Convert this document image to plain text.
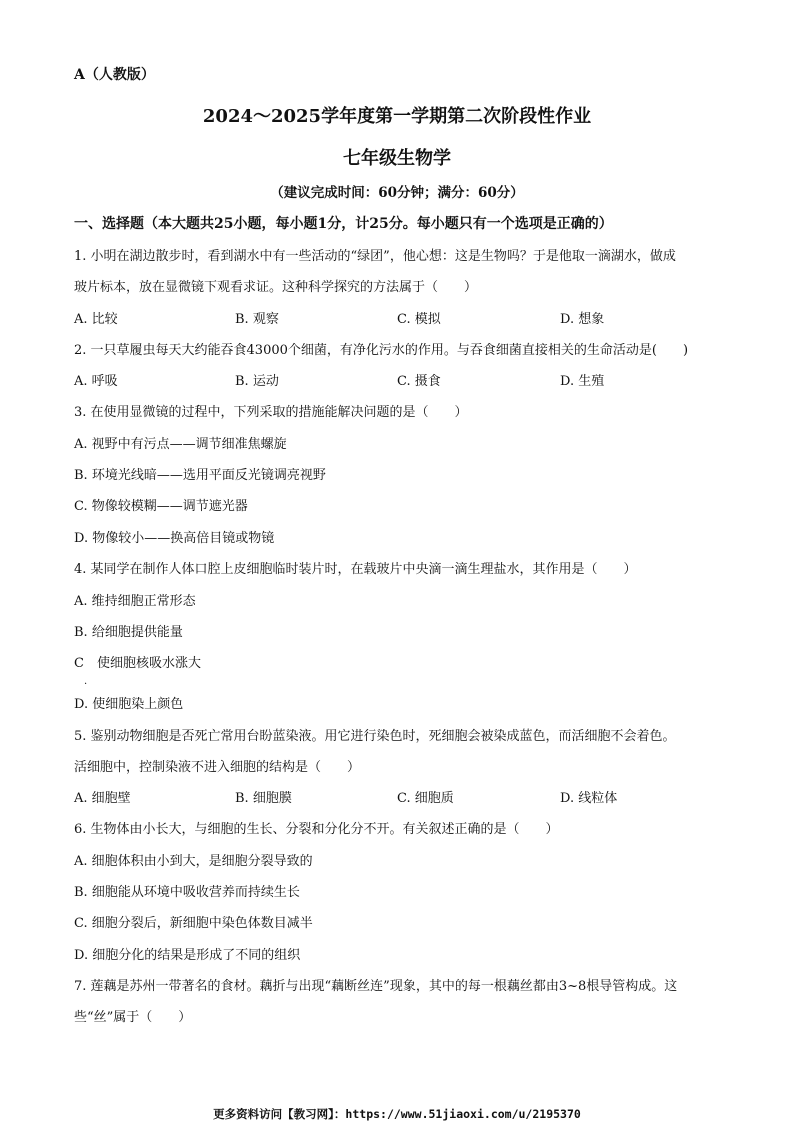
A（人教版）
2024～2025学年度第一学期第二次阶段性作业
七年级生物学
（建议完成时间：60分钟；满分：60分）
一、选择题（本大题共25小题，每小题1分，计25分。每小题只有一个选项是正确的）
1. 小明在湖边散步时，看到湖水中有一些活动的“绿团”，他心想：这是生物吗？于是他取一滴湖水，做成
玻片标本，放在显微镜下观看求证。这种科学探究的方法属于（　　）
A. 比较	B. 观察	C. 模拟	D. 想象
2. 一只草履虫每天大约能吞食43000个细菌，有净化污水的作用。与吞食细菌直接相关的生命活动是(　　)
A. 呼吸	B. 运动	C. 摄食	D. 生殖
3. 在使用显微镜的过程中，下列采取的措施能解决问题的是（　　）
A. 视野中有污点——调节细准焦螺旋
B. 环境光线暗——选用平面反光镜调亮视野
C. 物像较模糊——调节遮光器
D. 物像较小——换高倍目镜或物镜
4. 某同学在制作人体口腔上皮细胞临时装片时，在载玻片中央滴一滴生理盐水，其作用是（　　）
A. 维持细胞正常形态
B. 给细胞提供能量
C　使细胞核吸水涨大
.
D. 使细胞染上颜色
5. 鉴别动物细胞是否死亡常用台盼蓝染液。用它进行染色时，死细胞会被染成蓝色，而活细胞不会着色。
活细胞中，控制染液不进入细胞的结构是（　　）
A. 细胞壁	B. 细胞膜	C. 细胞质	D. 线粒体
6. 生物体由小长大，与细胞的生长、分裂和分化分不开。有关叙述正确的是（　　）
A. 细胞体积由小到大，是细胞分裂导致的
B. 细胞能从环境中吸收营养而持续生长
C. 细胞分裂后，新细胞中染色体数目减半
D. 细胞分化的结果是形成了不同的组织
7. 莲藕是苏州一带著名的食材。藕折与出现“藕断丝连”现象，其中的每一根藕丝都由3~8根导管构成。这
些“丝”属于（　　）
更多资料访问【教习网】：https://www.51jiaoxi.com/u/2195370
